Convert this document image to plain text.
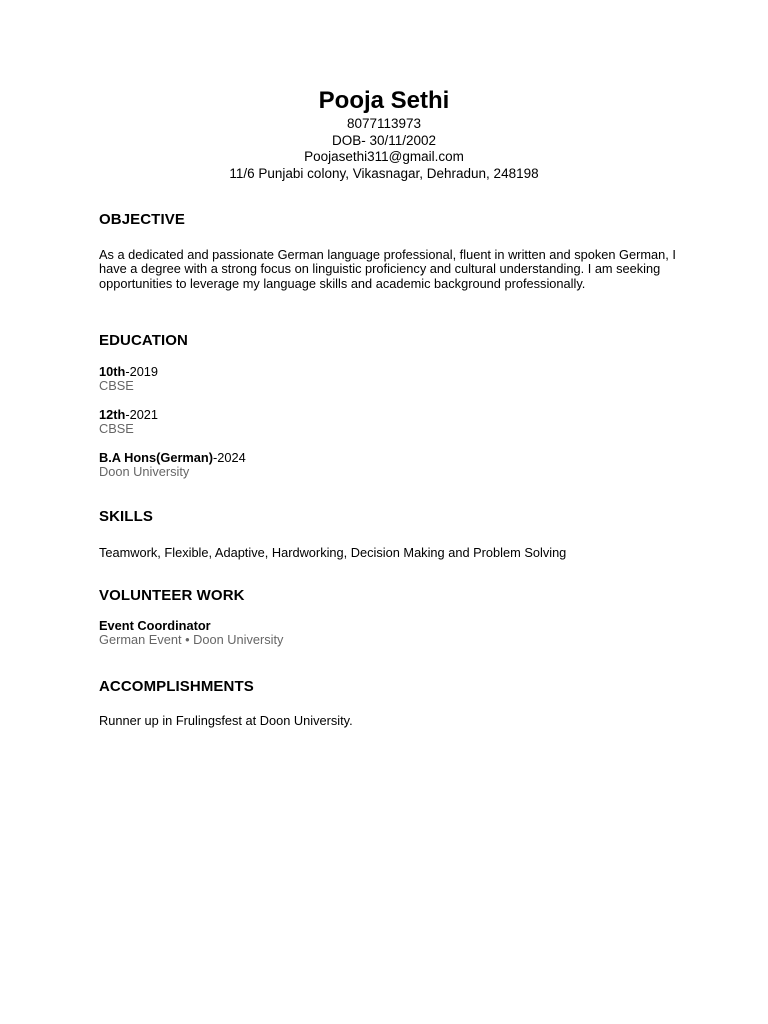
Pooja Sethi

8077113973

DOB- 30/11/2002

Poojasethi311@gmail.com

11/6 Punjabi colony, Vikasnagar, Dehradun, 248198

OBJECTIVE

As a dedicated and passionate German language professional, fluent in written and spoken German, I have a degree with a strong focus on linguistic proficiency and cultural understanding. I am seeking opportunities to leverage my language skills and academic background professionally.

EDUCATION

10th-2019

CBSE

12th-2021

CBSE

B.A Hons(German)-2024

Doon University

SKILLS

Teamwork, Flexible, Adaptive, Hardworking, Decision Making and Problem Solving

VOLUNTEER WORK

Event Coordinator

German Event • Doon University

ACCOMPLISHMENTS

Runner up in Frulingsfest at Doon University.
